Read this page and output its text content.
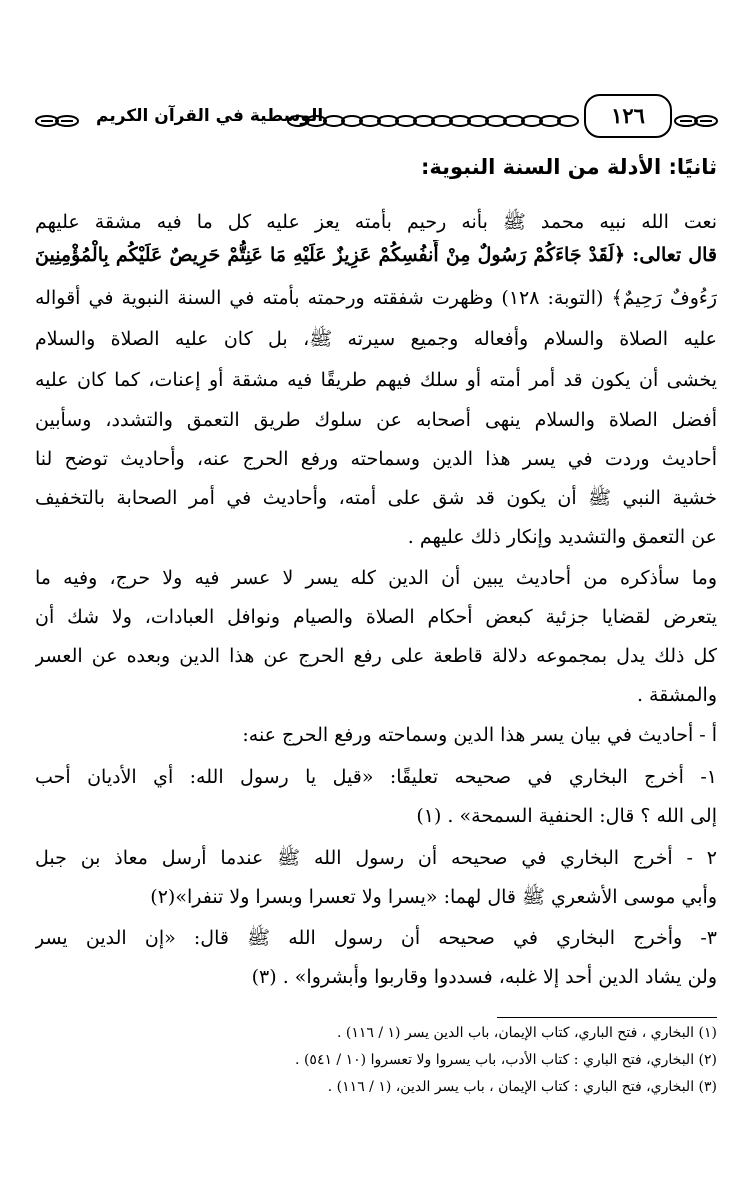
الوسطية في القرآن الكريم	١٢٦
ثانيًا: الأدلة من السنة النبوية:
نعت الله نبيه محمد ﷺ بأنه رحيم بأمته يعز عليه كل ما فيه مشقة عليهم
قال تعالى: ﴿لَقَدْ جَاءَكُمْ رَسُولٌ مِنْ أَنفُسِكُمْ عَزِيزٌ عَلَيْهِ مَا عَنِتُّمْ حَرِيصٌ عَلَيْكُم بِالْمُؤْمِنِينَ
رَءُوفٌ رَحِيمٌ﴾ (التوبة: ١٢٨) وظهرت شفقته ورحمته بأمته في السنة النبوية في أقواله
عليه الصلاة والسلام وأفعاله وجميع سيرته ﷺ، بل كان عليه الصلاة والسلام
يخشى أن يكون قد أمر أمته أو سلك فيهم طريقًا فيه مشقة أو إعنات، كما كان عليه
أفضل الصلاة والسلام ينهى أصحابه عن سلوك طريق التعمق والتشدد، وسأبين
أحاديث وردت في يسر هذا الدين وسماحته ورفع الحرج عنه، وأحاديث توضح لنا
خشية النبي ﷺ أن يكون قد شق على أمته، وأحاديث في أمر الصحابة بالتخفيف
عن التعمق والتشديد وإنكار ذلك عليهم .
وما سأذكره من أحاديث يبين أن الدين كله يسر لا عسر فيه ولا حرج، وفيه ما
يتعرض لقضايا جزئية كبعض أحكام الصلاة والصيام ونوافل العبادات، ولا شك أن
كل ذلك يدل بمجموعه دلالة قاطعة على رفع الحرج عن هذا الدين وبعده عن العسر
والمشقة .
أ - أحاديث في بيان يسر هذا الدين وسماحته ورفع الحرج عنه:
١- أخرج البخاري في صحيحه تعليقًا: «قيل يا رسول الله: أي الأديان أحب
إلى الله ؟ قال: الحنفية السمحة» . (١)
٢ - أخرج البخاري في صحيحه أن رسول الله ﷺ عندما أرسل معاذ بن جبل
وأبي موسى الأشعري ﷺ قال لهما: «يسرا ولا تعسرا وبسرا ولا تنفرا»(٢)
٣- وأخرج البخاري في صحيحه أن رسول الله ﷺ قال: «إن الدين يسر
ولن يشاد الدين أحد إلا غلبه، فسددوا وقاربوا وأبشروا» . (٣)
(١) البخاري ، فتح الباري، كتاب الإيمان، باب الدين يسر (١ / ١١٦) .
(٢) البخاري، فتح الباري : كتاب الأدب، باب يسروا ولا تعسروا (١٠ / ٥٤١) .
(٣) البخاري، فتح الباري : كتاب الإيمان ، باب يسر الدين، (١ / ١١٦) .
